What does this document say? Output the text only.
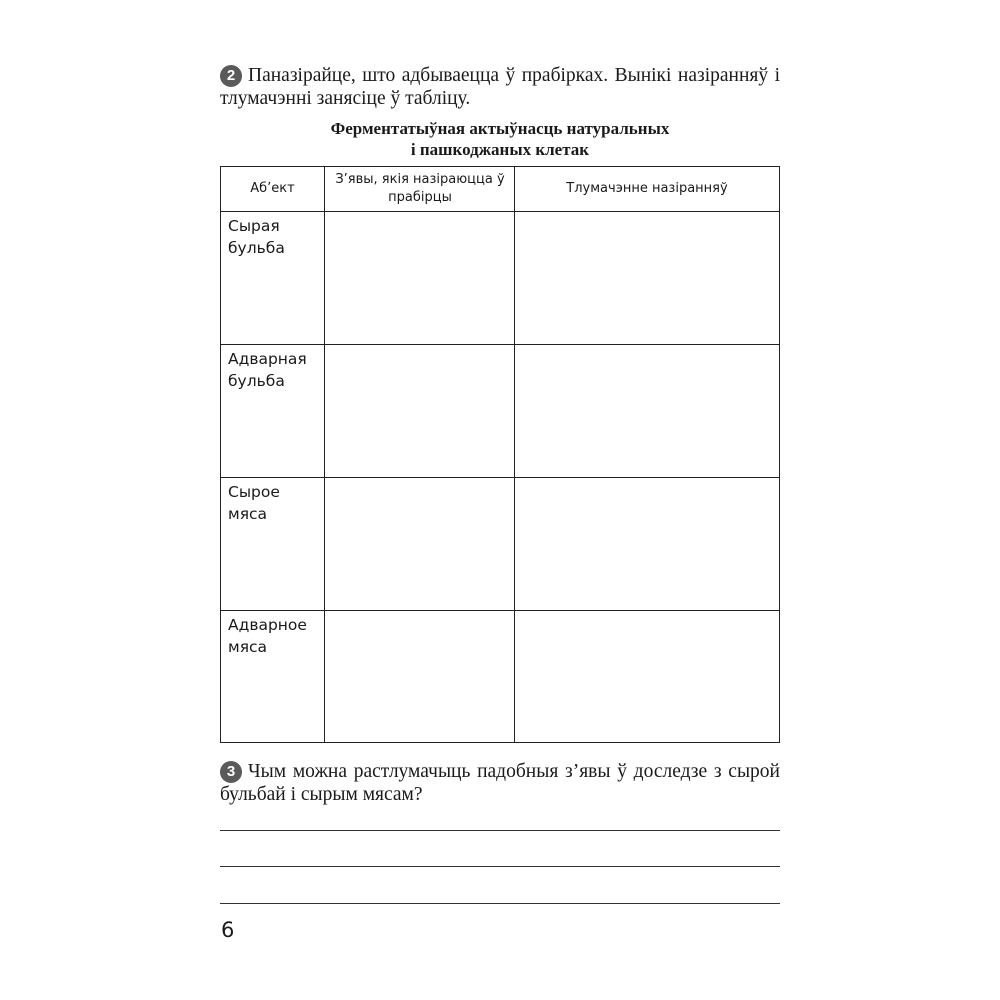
2 Паназірайце, што адбываецца ў прабірках. Вынікі назіранняў і тлумачэнні занясіце ў табліцу.
Ферментатыўная актыўнасць натуральных
і пашкоджаных клетак
Аб’ект
З’явы, якія назіраюцца ў прабірцы
Тлумачэнне назіранняў
Сырая бульба
Адварная бульба
Сырое мяса
Адварное мяса
3 Чым можна растлумачыць падобныя з’явы ў доследзе з сырой бульбай і сырым мясам?
6
